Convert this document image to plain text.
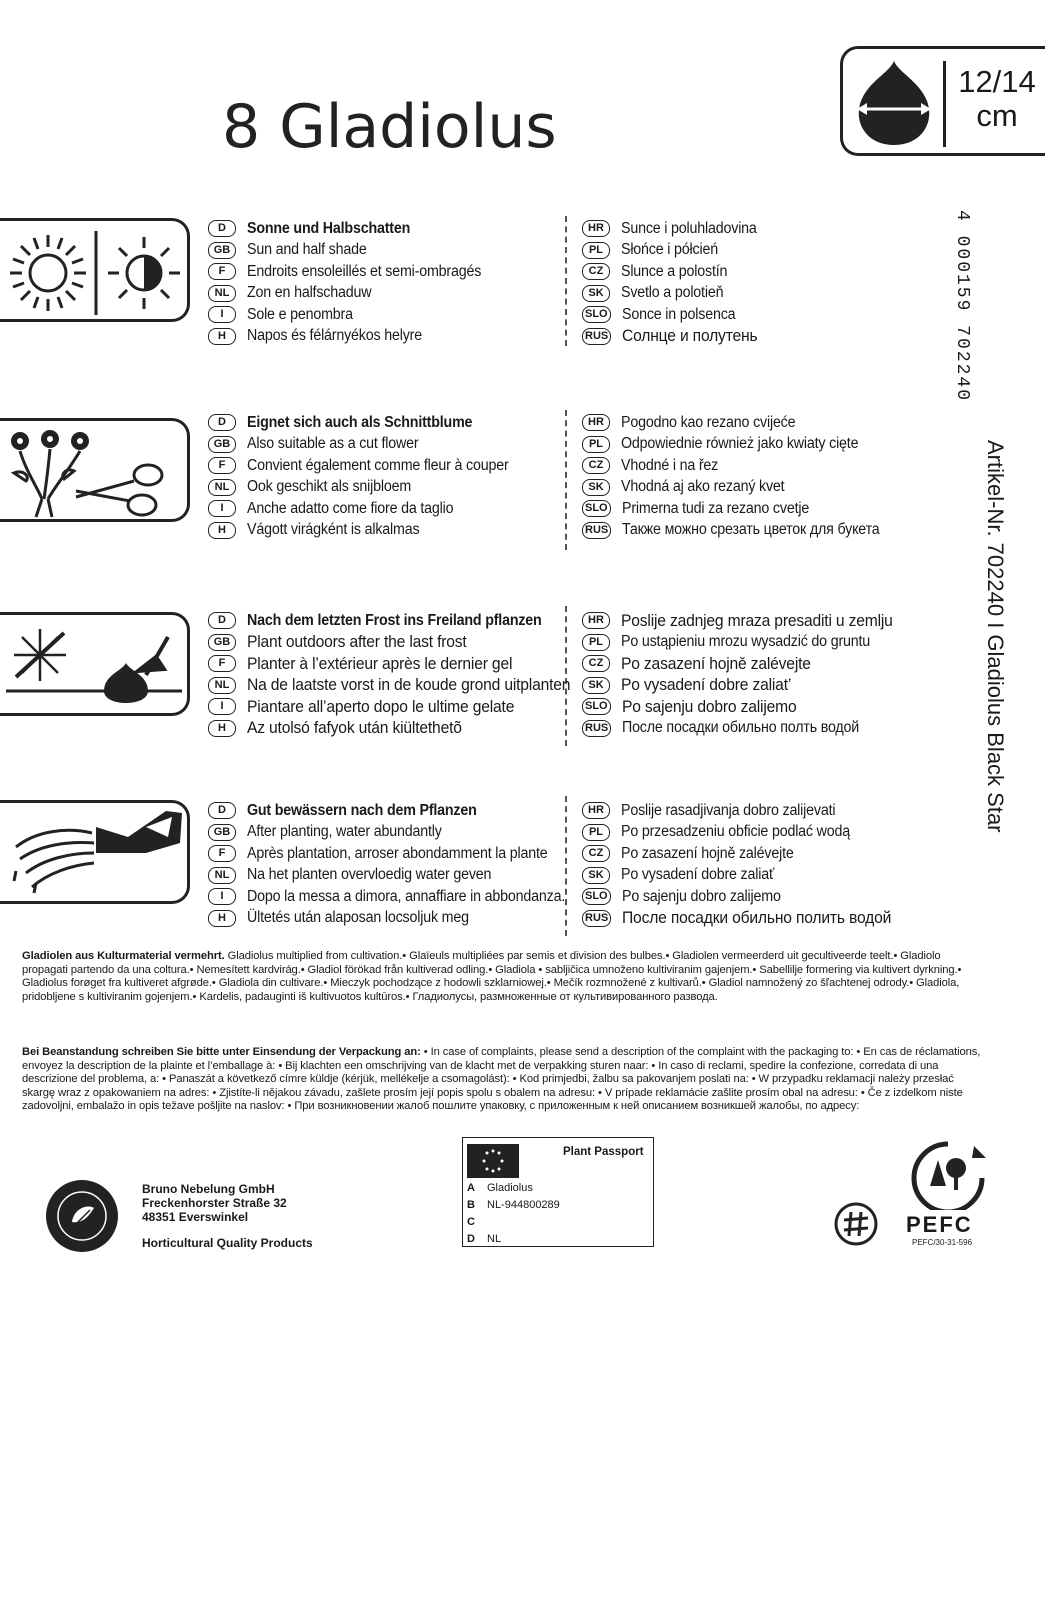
8 Gladiolus
12/14
cm
4 000159 702240
Artikel-Nr. 702240 I Gladiolus Black Star
D	Sonne und Halbschatten
GB	Sun and half shade
F	Endroits ensoleillés et semi-ombragés
NL	Zon en halfschaduw
I	Sole e penombra
H	Napos és félárnyékos helyre
HR	Sunce i poluhladovina
PL	Słońce i półcień
CZ	Slunce a polostín
SK	Svetlo a polotieň
SLO Sonce in polsenca
RUS Солнце и полутень
D	Eignet sich auch als Schnittblume
GB	Also suitable as a cut flower
F	Convient également comme fleur à couper
NL	Ook geschikt als snijbloem
I	Anche adatto come fiore da taglio
H	Vágott virágként is alkalmas
HR	Pogodno kao rezano cvijeće
PL	Odpowiednie również jako kwiaty cięte
CZ	Vhodné i na řez
SK	Vhodná aj ako rezaný kvet
SLO Primerna tudi za rezano cvetje
RUS Также можно срезать цветок для букета
D	Nach dem letzten Frost ins Freiland pflanzen
GB Plant outdoors after the last frost
F	Planter à l’extérieur après le dernier gel
NL	Na de laatste vorst in de koude grond uitplanten
I	Piantare all’aperto dopo le ultime gelate
H	Az utolsó fafyok után kiültethetõ
HR	Poslije zadnjeg mraza presaditi u zemlju
PL	Po ustąpieniu mrozu wysadzić do gruntu
CZ	Po zasazení hojně zalévejte
SK	Po vysadení dobre zaliat’
SLO Po sajenju dobro zalijemo
RUS После посадки обильно полть водой
D	Gut bewässern nach dem Pflanzen
GB	After planting, water abundantly
F	Après plantation, arroser abondamment la plante
NL	Na het planten overvloedig water geven
I	Dopo la messa a dimora, annaffiare in abbondanza.
H	Ültetés után alaposan locsoljuk meg
HR	Poslije rasadjivanja dobro zalijevati
PL	Po przesadzeniu obficie podlać wodą
CZ	Po zasazení hojně zalévejte
SK	Po vysadení dobre zaliať
SLO Po sajenju dobro zalijemo
RUS После посадки обильно полить водой
Gladiolen aus Kulturmaterial vermehrt. Gladiolus multiplied from cultivation.• Glaïeuls multipliées par semis et division des bulbes.• Gladiolen vermeerderd uit gecultiveerde teelt.• Gladiolo propagati partendo da una coltura.• Nemesített kardvirág.• Gladiol förökad från kultiverad odling.• Gladiola • sabljičica umnoženo kultiviranim gajenjem.• Sabellilje formering via kultivert dyrkning.• Gladiolus forøget fra kultiveret afgrøde.• Gladiola din cultivare.• Mieczyk pochodzące z hodowli szklarniowej.• Mečík rozmnožené z kultivarů.• Gladiol namnožený zo šľachtenej odrody.• Gladiola, pridobljene s kultiviranim gojenjem.• Kardelis, padauginti iš kultivuotos kultūros.• Гладиолусы, размноженные от культивированного развода.
Bei Beanstandung schreiben Sie bitte unter Einsendung der Verpackung an: • In case of complaints, please send a description of the complaint with the packaging to: • En cas de réclamations, envoyez la description de la plainte et l’emballage à: • Bij klachten een omschrijving van de klacht met de verpakking sturen naar: • In caso di reclami, spedire la confezione, corredata di una descrizione del problema, a: • Panaszát a következő címre küldje (kérjük, mellékelje a csomagolást): • Kod primjedbi, žalbu sa pakovanjem poslati na: • W przypadku reklamacji należy przesłać skargę wraz z opakowaniem na adres: • Zjistíte-li nějakou závadu, zašlete prosím její popis spolu s obalem na adresu: • V prípade reklamácie zašlite prosím obal na adresu: • Če z izdelkom niste zadovoljni, embalažo in opis težave pošljite na naslov: • При возникновении жалоб пошлите упаковку, с приложенным к ней описанием возникшей жалобы, по адресу:
Bruno Nebelung GmbH
Freckenhorster Straße 32
48351 Everswinkel
Horticultural Quality Products
Plant Passport
A Gladiolus
B NL-944800289
C
D NL
PEFC
PEFC/30-31-596
